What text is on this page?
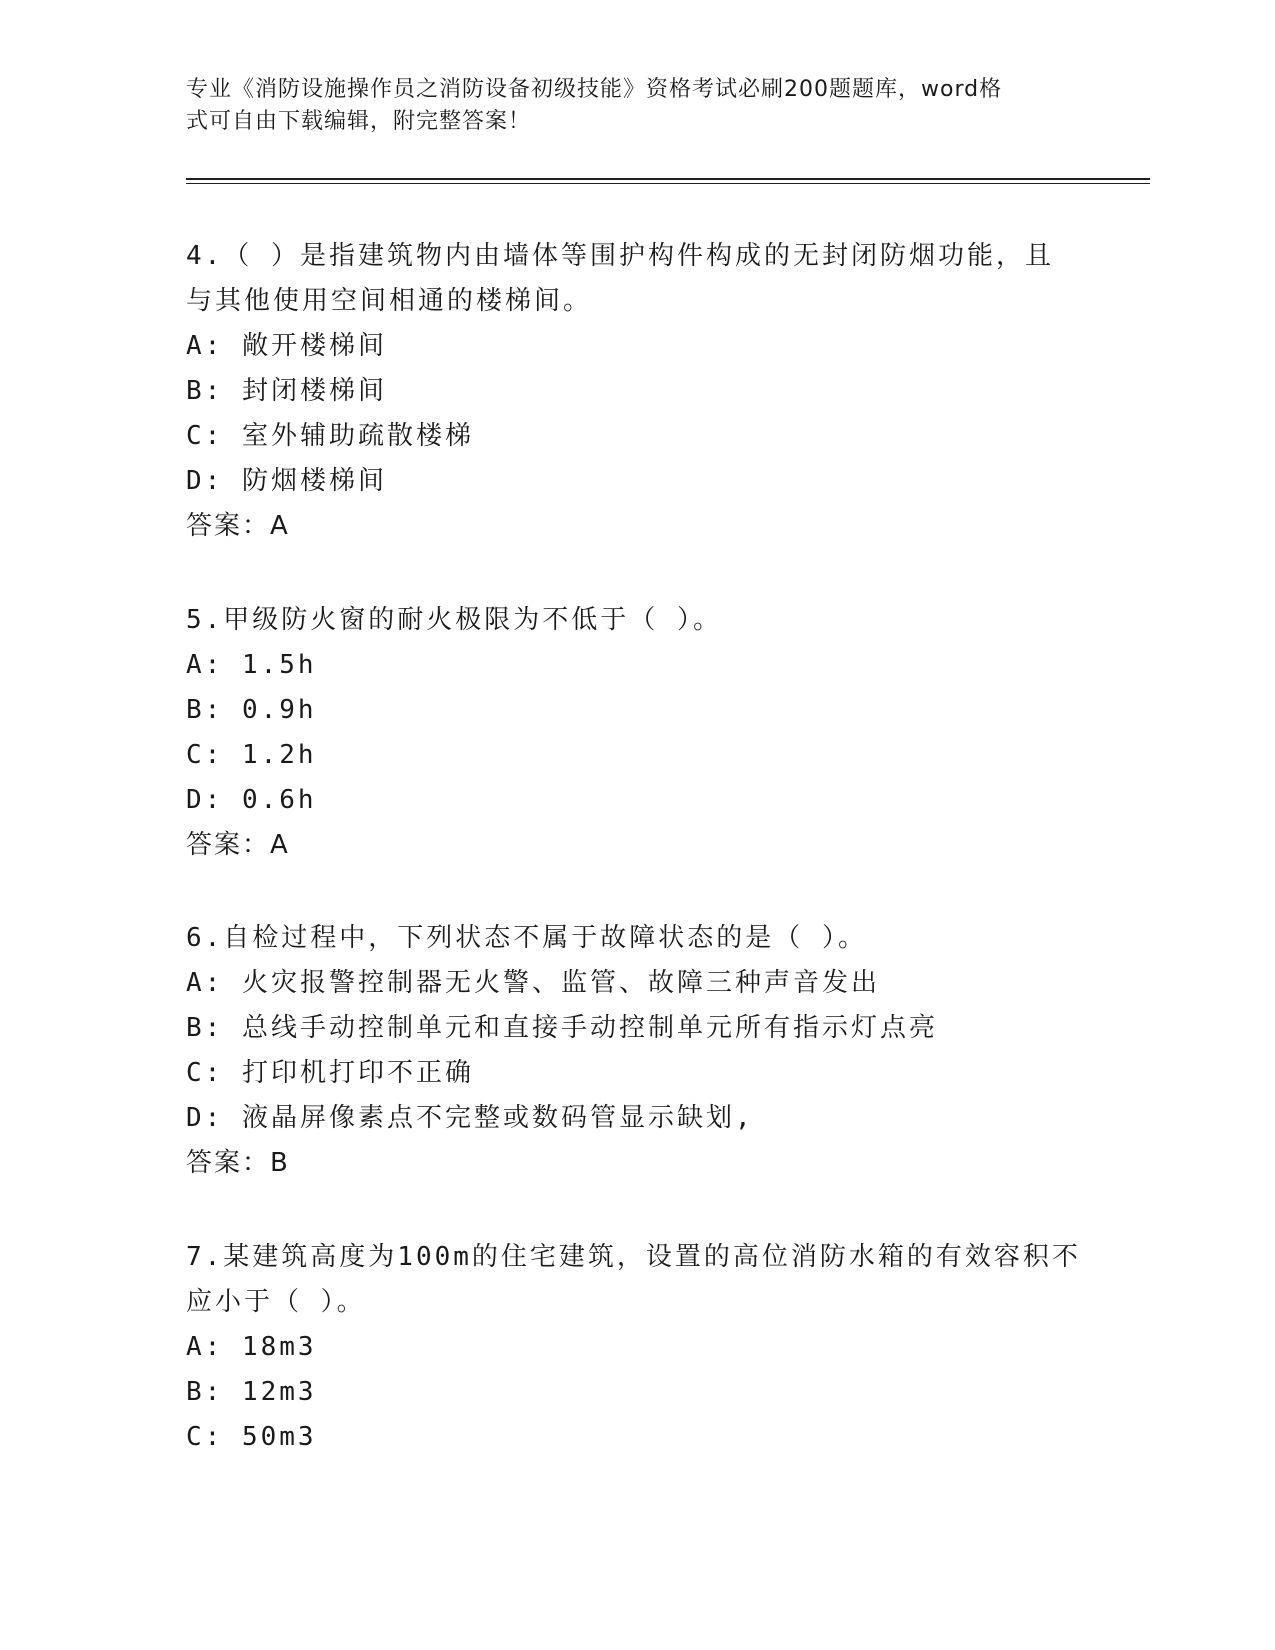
专业《消防设施操作员之消防设备初级技能》资格考试必刷200题题库，word格
式可自由下载编辑，附完整答案！

4.（ ）是指建筑物内由墙体等围护构件构成的无封闭防烟功能，且

与其他使用空间相通的楼梯间。

A: 敞开楼梯间

B: 封闭楼梯间

C: 室外辅助疏散楼梯

D: 防烟楼梯间

答案：A

5.甲级防火窗的耐火极限为不低于（ ）。

A: 1.5h

B: 0.9h

C: 1.2h

D: 0.6h

答案：A

6.自检过程中，下列状态不属于故障状态的是（ ）。

A: 火灾报警控制器无火警、监管、故障三种声音发出

B: 总线手动控制单元和直接手动控制单元所有指示灯点亮

C: 打印机打印不正确

D: 液晶屏像素点不完整或数码管显示缺划,

答案：B

7.某建筑高度为100m的住宅建筑，设置的高位消防水箱的有效容积不

应小于（ ）。

A: 18m3

B: 12m3

C: 50m3
